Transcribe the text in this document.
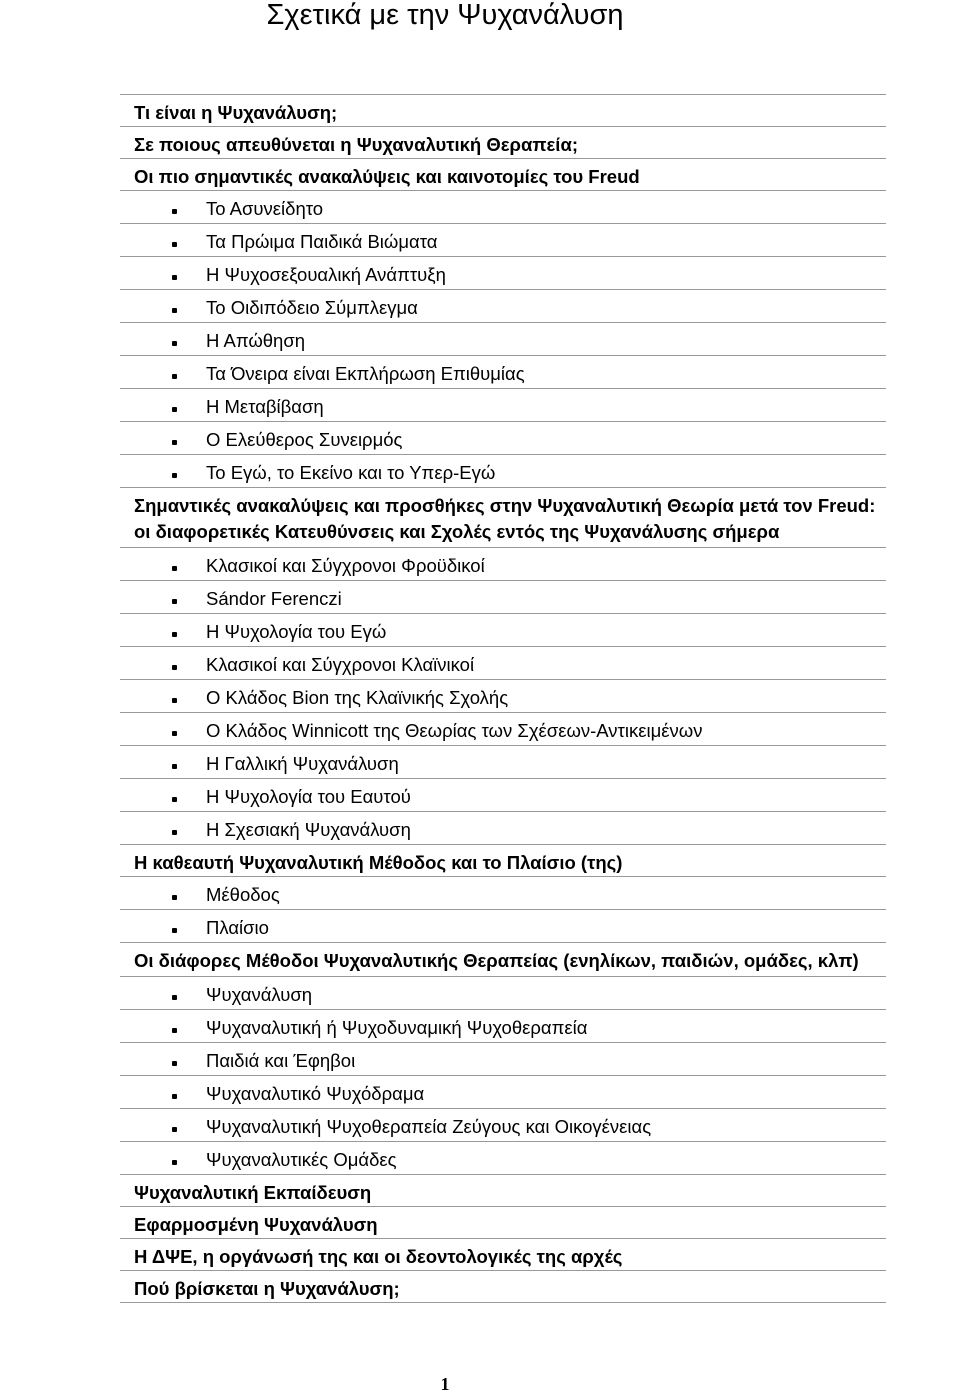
Σχετικά με την Ψυχανάλυση
Τι είναι η Ψυχανάλυση;
Σε ποιους απευθύνεται η Ψυχαναλυτική Θεραπεία;
Οι πιο σημαντικές ανακαλύψεις και καινοτομίες του Freud
Το Ασυνείδητο
Τα Πρώιμα Παιδικά Βιώματα
Η Ψυχοσεξουαλική Ανάπτυξη
Το Οιδιπόδειο Σύμπλεγμα
Η Απώθηση
Τα Όνειρα είναι Εκπλήρωση Επιθυμίας
Η Μεταβίβαση
Ο Ελεύθερος Συνειρμός
Το Εγώ, το Εκείνο και το Υπερ-Εγώ
Σημαντικές ανακαλύψεις και προσθήκες στην Ψυχαναλυτική Θεωρία μετά τον Freud: οι διαφορετικές Κατευθύνσεις και Σχολές εντός της Ψυχανάλυσης σήμερα
Κλασικοί και Σύγχρονοι Φροϋδικοί
Sándor Ferenczi
Η Ψυχολογία του Εγώ
Κλασικοί και Σύγχρονοι Κλαϊνικοί
Ο Κλάδος Bion της Κλαϊνικής Σχολής
Ο Κλάδος Winnicott της Θεωρίας των Σχέσεων-Αντικειμένων
Η Γαλλική Ψυχανάλυση
Η Ψυχολογία του Εαυτού
Η Σχεσιακή Ψυχανάλυση
Η καθεαυτή Ψυχαναλυτική Μέθοδος και το Πλαίσιο (της)
Μέθοδος
Πλαίσιο
Οι διάφορες Μέθοδοι Ψυχαναλυτικής Θεραπείας (ενηλίκων, παιδιών, ομάδες, κλπ)
Ψυχανάλυση
Ψυχαναλυτική ή Ψυχοδυναμική Ψυχοθεραπεία
Παιδιά και Έφηβοι
Ψυχαναλυτικό Ψυχόδραμα
Ψυχαναλυτική Ψυχοθεραπεία Ζεύγους και Οικογένειας
Ψυχαναλυτικές Ομάδες
Ψυχαναλυτική Εκπαίδευση
Εφαρμοσμένη Ψυχανάλυση
Η ΔΨΕ, η οργάνωσή της και οι δεοντολογικές της αρχές
Πού βρίσκεται η Ψυχανάλυση;
1
